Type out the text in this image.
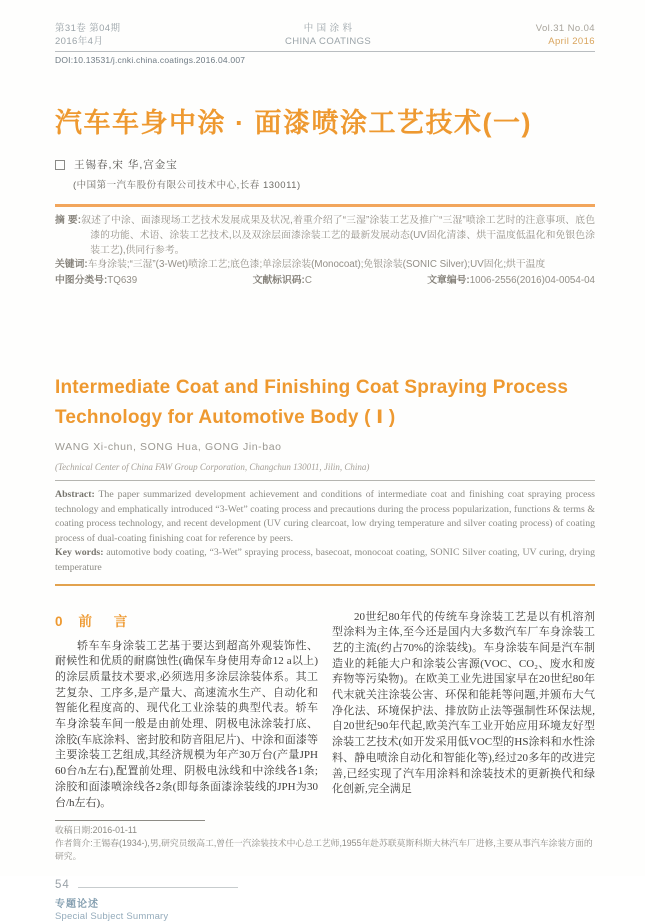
第31卷 第04期
2016年4月
中 国 涂 料
CHINA COATINGS
Vol.31 No.04
April 2016
DOI:10.13531/j.cnki.china.coatings.2016.04.007
汽车车身中涂 · 面漆喷涂工艺技术(一)
王锡春,宋 华,宫金宝
(中国第一汽车股份有限公司技术中心,长春 130011)

摘 要:叙述了中涂、面漆现场工艺技术发展成果及状况,着重介绍了“三湿”涂装工艺及推广“三湿”喷涂工艺时的注意事项、底色漆的功能、术语、涂装工艺技术,以及双涂层面漆涂装工艺的最新发展动态(UV固化清漆、烘干温度低温化和免银色涂装工艺),供同行参考。

关键词:车身涂装;“三湿”(3-Wet)喷涂工艺;底色漆;单涂层涂装(Monocoat);免银涂装(SONIC Silver);UV固化;烘干温度

中图分类号:TQ639	文献标识码:C	文章编号:1006-2556(2016)04-0054-04
Intermediate Coat and Finishing Coat Spraying Process Technology for Automotive Body ( Ⅰ )
WANG Xi-chun, SONG Hua, GONG Jin-bao
(Technical Center of China FAW Group Corporation, Changchun 130011, Jilin, China)

Abstract: The paper summarized development achievement and conditions of intermediate coat and finishing coat spraying process technology and emphatically introduced “3-Wet” coating process and precautions during the process popularization, functions & terms & coating process technology, and recent development (UV curing clearcoat, low drying temperature and silver coating process) of coating process of dual-coating finishing coat for reference by peers.

Key words: automotive body coating, “3-Wet” spraying process, basecoat, monocoat coating, SONIC Silver coating, UV curing, drying temperature

0 前 言

轿车车身涂装工艺基于要达到超高外观装饰性、耐候性和优质的耐腐蚀性(确保车身使用寿命12 a以上)的涂层质量技术要求,必须选用多涂层涂装体系。其工艺复杂、工序多,是产量大、高速流水生产、自动化和智能化程度高的、现代化工业涂装的典型代表。轿车车身涂装车间一般是由前处理、阴极电泳涂装打底、涂胶(车底涂料、密封胶和防音阻尼片)、中涂和面漆等主要涂装工艺组成,其经济规模为年产30万台(产量JPH 60台/h左右),配置前处理、阴极电泳线和中涂线各1条;涂胶和面漆喷涂线各2条(即每条面漆涂装线的JPH为30台/h左右)。

20世纪80年代的传统车身涂装工艺是以有机溶剂型涂料为主体,至今还是国内大多数汽车厂车身涂装工艺的主流(约占70%的涂装线)。车身涂装车间是汽车制造业的耗能大户和涂装公害源(VOC、CO₂、废水和废弃物等污染物)。在欧美工业先进国家早在20世纪80年代末就关注涂装公害、环保和能耗等问题,并颁布大气净化法、环境保护法、排放防止法等强制性环保法规,自20世纪90年代起,欧美汽车工业开始应用环境友好型涂装工艺技术(如开发采用低VOC型的HS涂料和水性涂料、静电喷涂自动化和智能化等),经过20多年的改进完善,已经实现了汽车用涂料和涂装技术的更新换代和绿化创新,完全满足

收稿日期:2016-01-11
作者简介:王锡春(1934-),男,研究员级高工,曾任一汽涂装技术中心总工艺师,1955年赴苏联莫斯科斯大林汽车厂进修,主要从事汽车涂装方面的研究。
54
专题论述
Special Subject Summary
